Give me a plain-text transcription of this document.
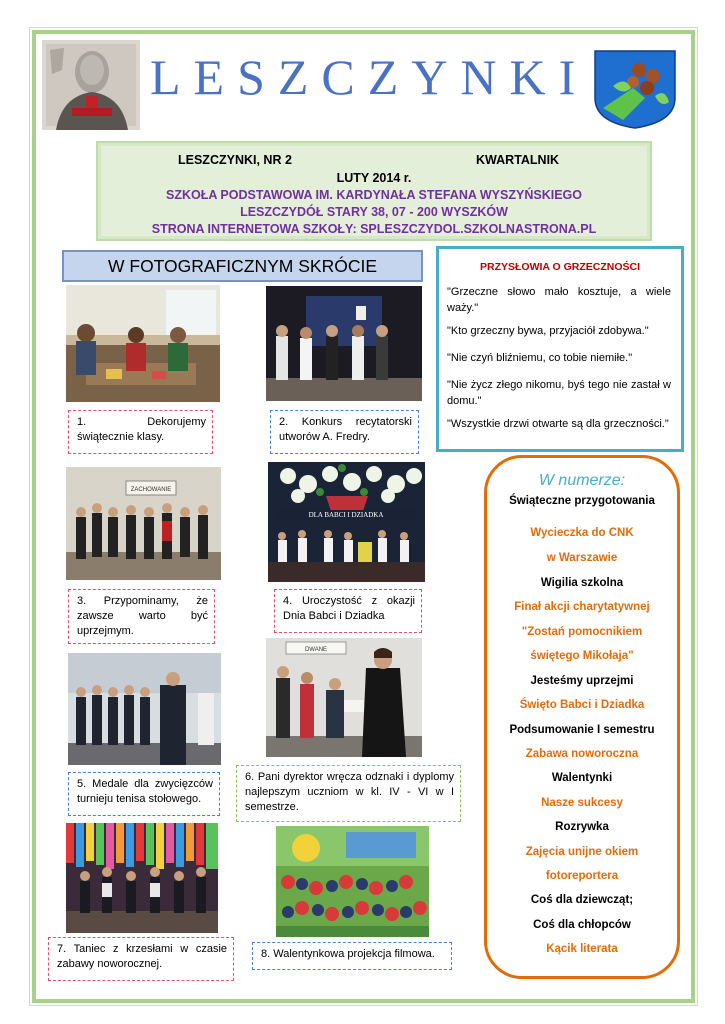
LESZCZYNKI
LESZCZYNKI, NR 2	KWARTALNIK
LUTY 2014 r.
SZKOŁA PODSTAWOWA IM. KARDYNAŁA STEFANA WYSZYŃSKIEGO
LESZCZYDÓŁ STARY 38, 07 - 200 WYSZKÓW
STRONA INTERNETOWA SZKOŁY: SPLESZCZYDOL.SZKOLNASTRONA.PL
W FOTOGRAFICZNYM SKRÓCIE	PRZYSŁOWIA O GRZECZNOŚCI
"Grzeczne słowo mało kosztuje, a wiele waży."
"Kto grzeczny bywa, przyjaciół zdobywa."
"Nie czyń bliźniemu, co tobie niemiłe."
"Nie życz złego nikomu, byś tego nie zastał w domu."
"Wszystkie drzwi otwarte są dla grzeczności."
1. Dekorujemy świątecznie klasy.
2. Konkurs recytatorski utworów A. Fredry.
ZACHOWANIE
3. Przypominamy, że zawsze warto być uprzejmym.
DLA BABCI I DZIADKA
4. Uroczystość z okazji Dnia Babci i Dziadka
5. Medale dla zwycięzców turnieju tenisa stołowego.
DWANE
6. Pani dyrektor wręcza odznaki i dyplomy najlepszym uczniom w kl. IV - VI w I semestrze.
7. Taniec z krzesłami w czasie zabawy noworocznej.
8. Walentynkowa projekcja filmowa.
W numerze:
Świąteczne przygotowania
Wycieczka do CNK
w Warszawie
Wigilia szkolna
Finał akcji charytatywnej
"Zostań pomocnikiem
świętego Mikołaja"
Jesteśmy uprzejmi
Święto Babci i Dziadka
Podsumowanie I semestru
Zabawa noworoczna
Walentynki
Nasze sukcesy
Rozrywka
Zajęcia unijne okiem
fotoreportera
Coś dla dziewcząt;
Coś dla chłopców
Kącik literata
